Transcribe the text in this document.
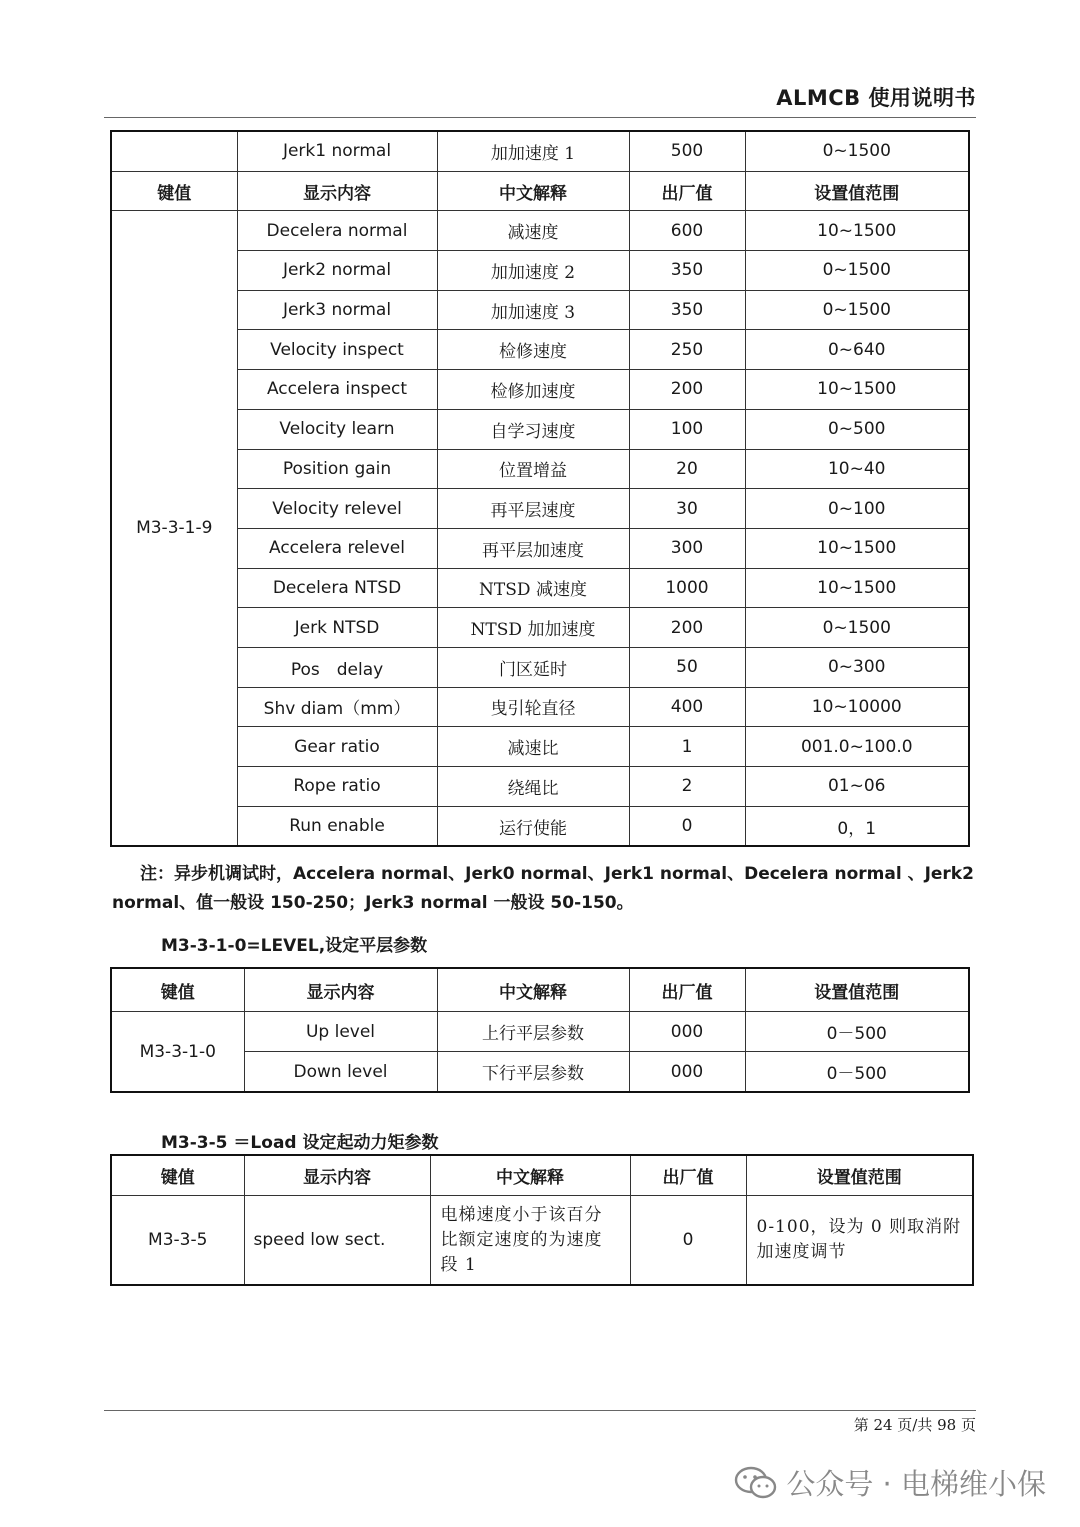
ALMCB 使用说明书
	Jerk1 normal	加加速度 1	500	0~1500
键值	显示内容	中文解释	出厂值	设置值范围
M3-3-1-9	Decelera normal	减速度	600	10~1500
	Jerk2 normal	加加速度 2	350	0~1500
	Jerk3 normal	加加速度 3	350	0~1500
	Velocity inspect	检修速度	250	0~640
	Accelera inspect	检修加速度	200	10~1500
	Velocity learn	自学习速度	100	0~500
	Position gain	位置增益	20	10~40
	Velocity relevel	再平层速度	30	0~100
	Accelera relevel	再平层加速度	300	10~1500
	Decelera NTSD	NTSD 减速度	1000	10~1500
	Jerk NTSD	NTSD 加加速度	200	0~1500
	Pos　delay	门区延时	50	0~300
	Shv diam（mm）	曳引轮直径	400	10~10000
	Gear ratio	减速比	1	001.0~100.0
	Rope ratio	绕绳比	2	01~06
	Run enable	运行使能	0	0，1
注：异步机调试时，Accelera normal、Jerk0 normal、Jerk1 normal、Decelera normal 、Jerk2 normal、值一般设 150-250；Jerk3 normal 一般设 50-150。
M3-3-1-0=LEVEL,设定平层参数
键值	显示内容	中文解释	出厂值	设置值范围
M3-3-1-0	Up level	上行平层参数	000	0－500
	Down level	下行平层参数	000	0－500
M3-3-5 ＝Load 设定起动力矩参数
键值	显示内容	中文解释	出厂值	设置值范围
M3-3-5	speed low sect.	电梯速度小于该百分比额定速度的为速度段 1	0	0-100，设为 0 则取消附加速度调节
第 24 页/共 98 页
公众号 · 电梯维小保
